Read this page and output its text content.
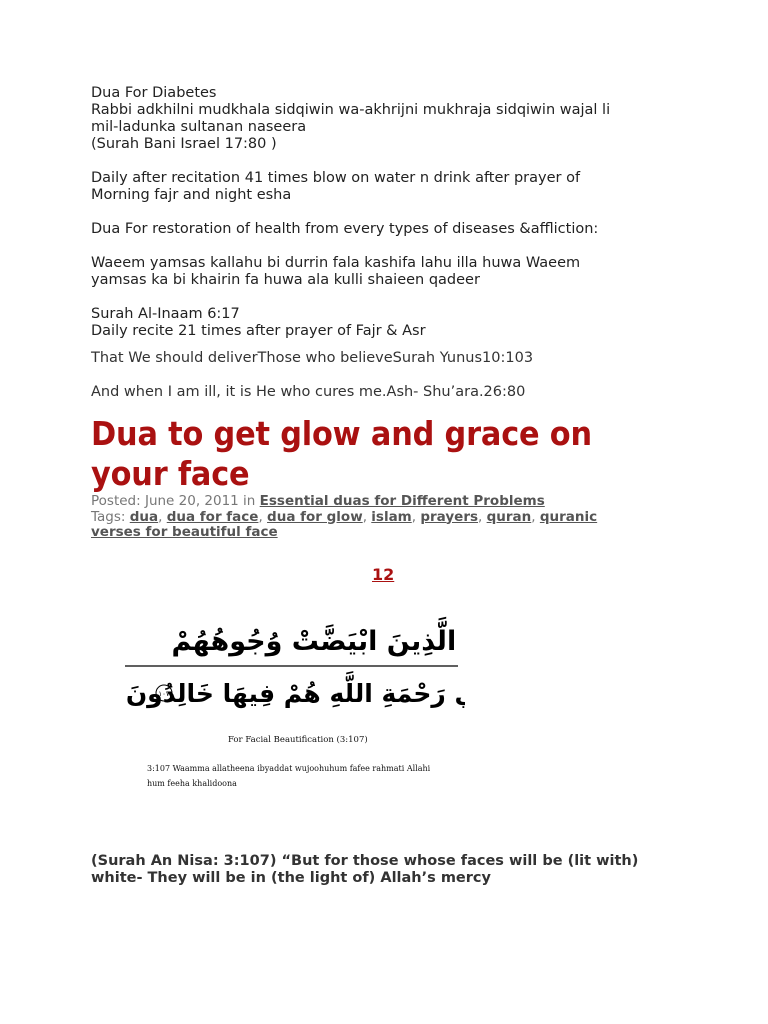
Dua For Diabetes
Rabbi adkhilni mudkhala sidqiwin wa-akhrijni mukhraja sidqiwin wajal li
mil-ladunka sultanan naseera
(Surah Bani Israel 17:80 )
Daily after recitation 41 times blow on water n drink after prayer of
Morning fajr and night esha
Dua For restoration of health from every types of diseases &affliction:
Waeem yamsas kallahu bi durrin fala kashifa lahu illa huwa Waeem
yamsas ka bi khairin fa huwa ala kulli shaieen qadeer
Surah Al-Inaam 6:17
Daily recite 21 times after prayer of Fajr & Asr
That We should deliverThose who believeSurah Yunus10:103
And when I am ill, it is He who cures me.Ash- Shu’ara.26:80
Dua to get glow and grace on
your face
Posted: June 20, 2011 in Essential duas for Different Problems
Tags: dua, dua for face, dua for glow, islam, prayers, quran, quranic
verses for beautiful face
12
الَّذِينَ ابْيَضَّتْ وُجُوهُهُمْ
رَحْمَةِ اللَّهِ هُمْ فِيهَا خَالِدُونَ
١٠٧
For Facial Beautification (3:107)
3:107 Waamma allatheena ibyaddat wujoohuhum fafee rahmati Allahi
hum feeha khalidoona
(Surah An Nisa: 3:107) “But for those whose faces will be (lit with)
white- They will be in (the light of) Allah’s mercy
